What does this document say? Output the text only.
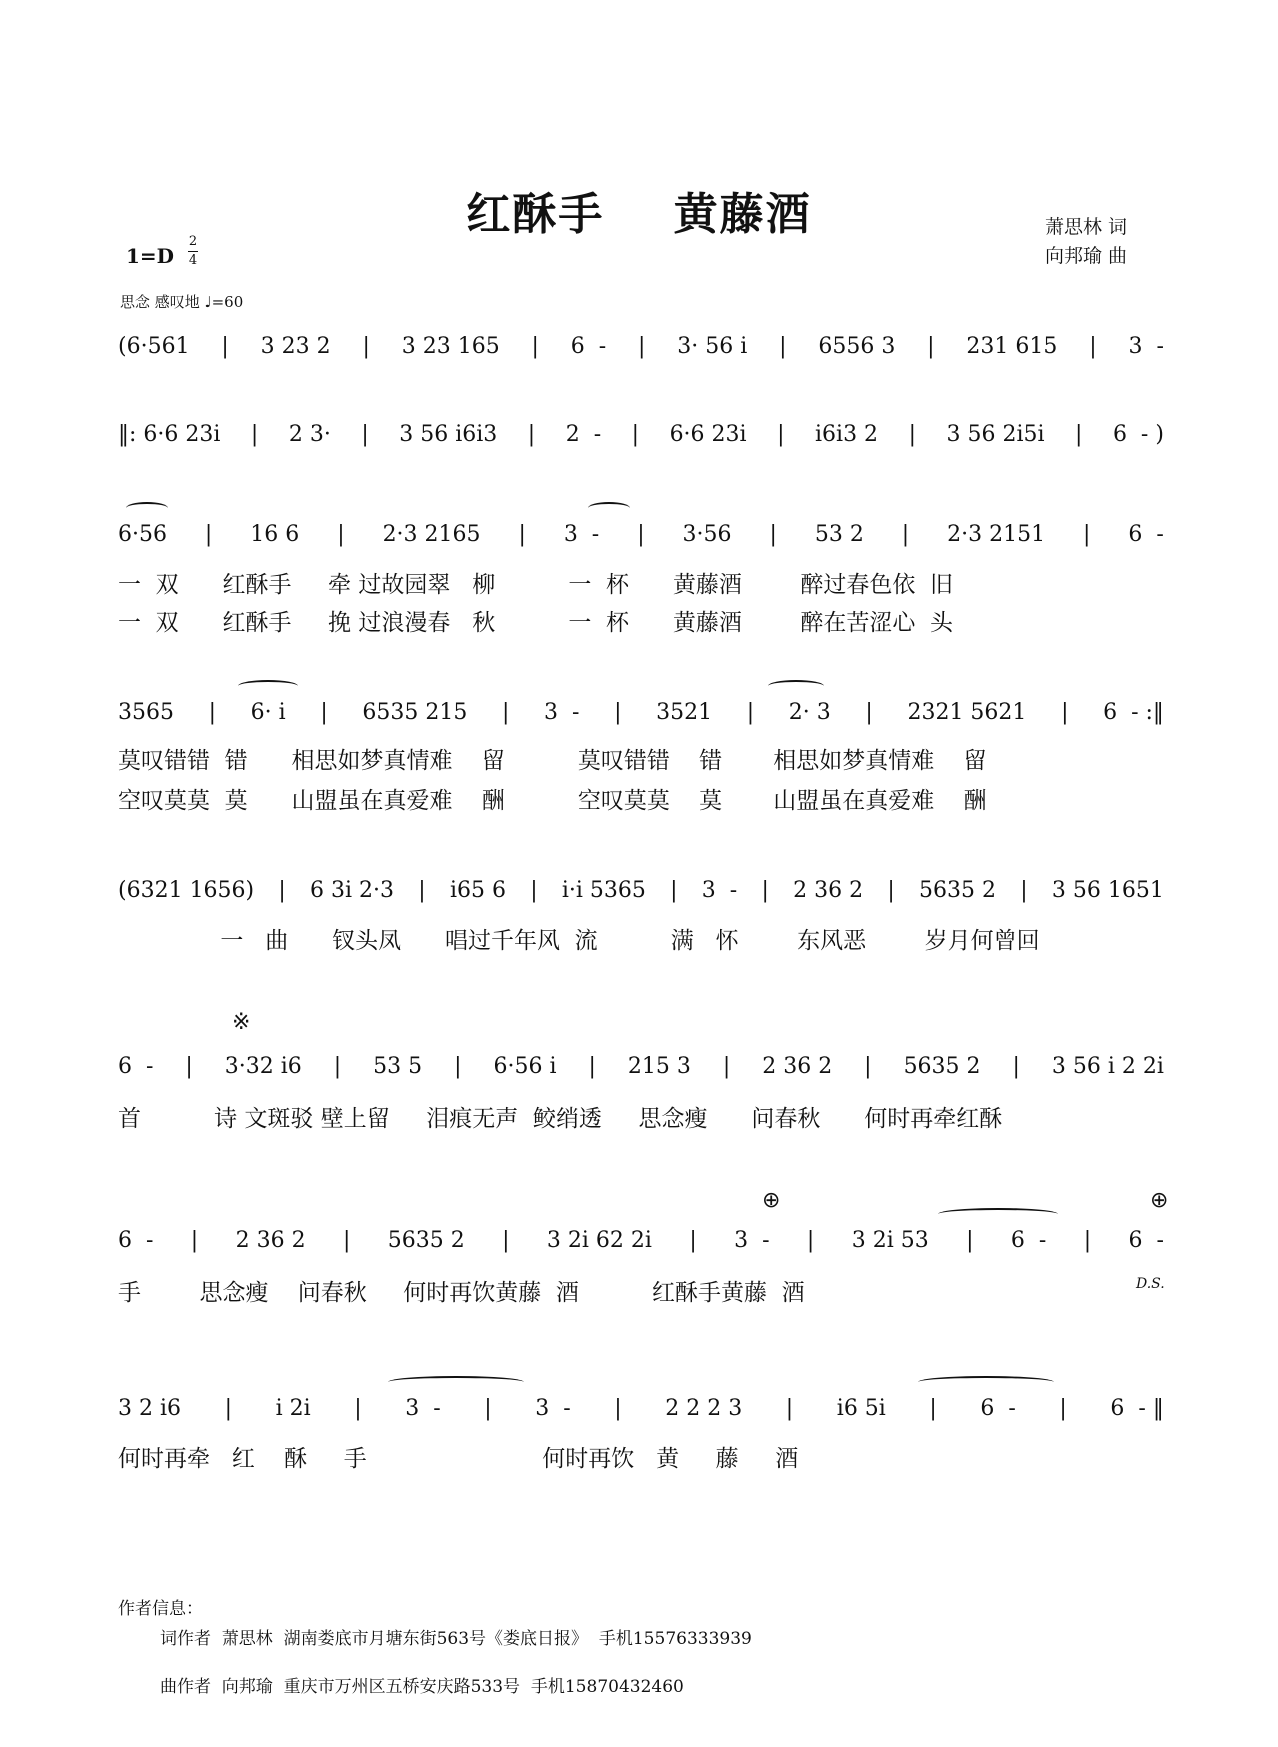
红酥手    黄藤酒	萧思林 词
向邦瑜 曲
1=D
2
4
思念 感叹地 ♩=60
(6·561 | 3 23 2 | 3 23 165 | 6  - | 3· 56 i | 6556 3 | 231 615 | 3  -
‖: 6·6 23i | 2 3· | 3 56 i6i3 | 2  - | 6·6 23i | i6i3 2 | 3 56 2i5i | 6  - )
6·56 | 16 6 | 2·3 2165 | 3  - | 3·56 | 53 2 | 2·3 2151 | 6  -
一  双      红酥手     牵 过故园翠   柳          一  杯      黄藤酒        醉过春色依  旧
一  双      红酥手     挽 过浪漫春   秋          一  杯      黄藤酒        醉在苦涩心  头
3565 | 6· i | 6535 215 | 3  - | 3521 | 2· 3 | 2321 5621 | 6  - :‖
莫叹错错  错      相思如梦真情难    留          莫叹错错    错       相思如梦真情难    留
空叹莫莫  莫      山盟虽在真爱难    酬          空叹莫莫    莫       山盟虽在真爱难    酬
(6321 1656) | 6 3i 2·3 | i65 6 | i·i 5365 | 3  - | 2 36 2 | 5635 2 | 3 56 1651
一   曲      钗头凤      唱过千年风  流          满   怀        东风恶        岁月何曾回
※
6  - | 3·32 i6 | 53 5 | 6·56 i | 215 3 | 2 36 2 | 5635 2 | 3 56 i 2 2i
首          诗 文斑驳 壁上留     泪痕无声  鲛绡透     思念瘦      问春秋      何时再牵红酥
⊕	⊕
6  - | 2 36 2 | 5635 2 | 3 2i 62 2i | 3  - | 3 2i 53 | 6  - | 6  -
手        思念瘦    问春秋     何时再饮黄藤  酒          红酥手黄藤  酒	D.S.
3 2 i6 | i 2i | 3  - | 3  - | 2 2 2 3 | i6 5i | 6  - | 6  - ‖
何时再牵   红    酥     手                        何时再饮   黄     藤     酒
作者信息：
词作者  萧思林  湖南娄底市月塘东街563号《娄底日报》  手机15576333939
曲作者  向邦瑜  重庆市万州区五桥安庆路533号  手机15870432460
